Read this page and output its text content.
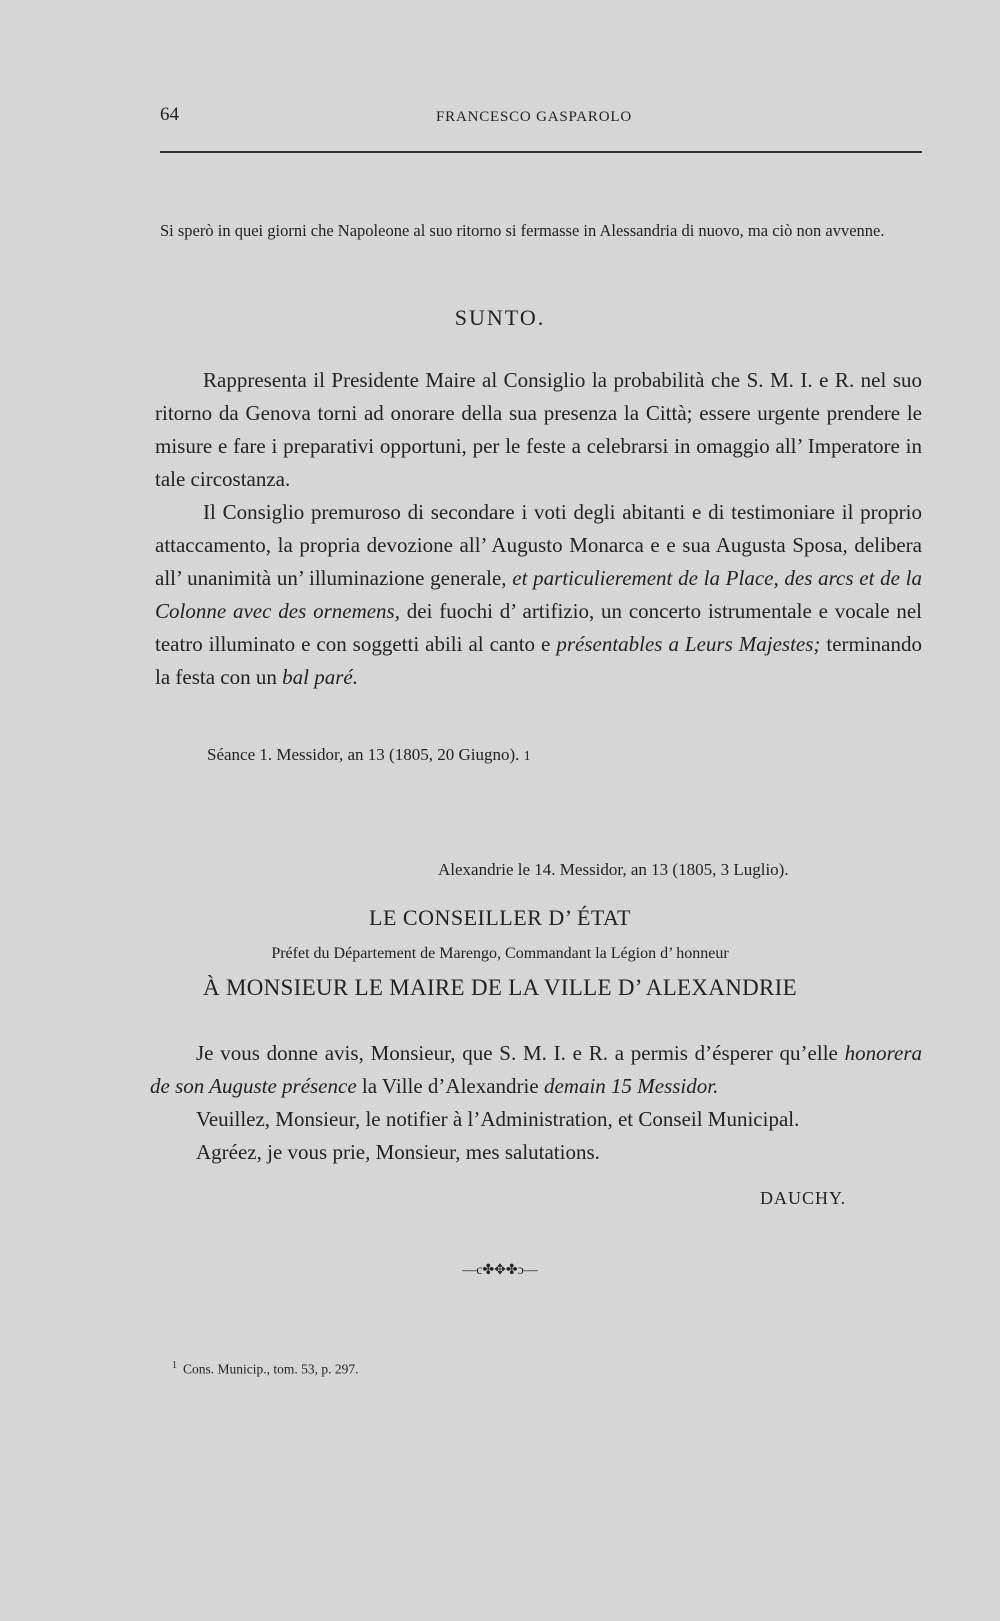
64	FRANCESCO GASPAROLO
Si sperò in quei giorni che Napoleone al suo ritorno si fermasse in Alessandria di nuovo, ma ciò non avvenne.
SUNTO.

Rappresenta il Presidente Maire al Consiglio la probabilità che S. M. I. e R. nel suo ritorno da Genova torni ad onorare della sua presenza la Città; essere urgente prendere le misure e fare i preparativi opportuni, per le feste a celebrarsi in omaggio all’ Imperatore in tale circostanza.

Il Consiglio premuroso di secondare i voti degli abitanti e di testimoniare il proprio attaccamento, la propria devozione all’ Augusto Monarca e e sua Augusta Sposa, delibera all’ unanimità un’ illuminazione generale, et particulierement de la Place, des arcs et de la Colonne avec des ornemens, dei fuochi d’ artifizio, un concerto istrumentale e vocale nel teatro illuminato e con soggetti abili al canto e présentables a Leurs Majestes; terminando la festa con un bal paré.

Séance 1. Messidor, an 13 (1805, 20 Giugno). 1
Alexandrie le 14. Messidor, an 13 (1805, 3 Luglio).
LE CONSEILLER D’ ÉTAT
Préfet du Département de Marengo, Commandant la Légion d’ honneur
À MONSIEUR LE MAIRE DE LA VILLE D’ ALEXANDRIE

Je vous donne avis, Monsieur, que S. M. I. e R. a permis d’ésperer qu’elle honorera de son Auguste présence la Ville d’Alexandrie demain 15 Messidor.

Veuillez, Monsieur, le notifier à l’Administration, et Conseil Municipal.

Agréez, je vous prie, Monsieur, mes salutations.

DAUCHY.
—c✤✥✤ɔ—
$^1$ Cons. Municip., tom. 53, p. 297.
